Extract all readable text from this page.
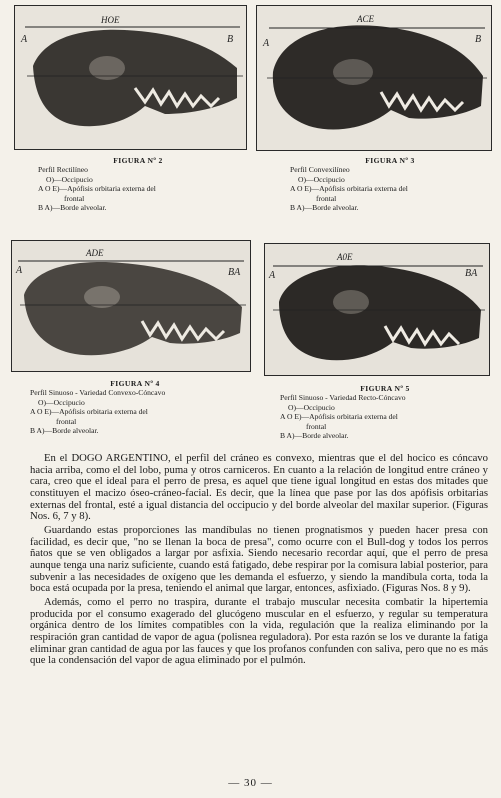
HOE
A	B
ACE
A	B
FIGURA Nº 2
Perfil Rectilíneo
O)—Occipucio
A O E)—Apófisis orbitaria externa del
frontal
B A)—Borde alveolar.
FIGURA Nº 3
Perfil Convexilíneo
O)—Occipucio
A O E)—Apófisis orbitaria externa del
frontal
B A)—Borde alveolar.
ADE
A	BA
A0E
A	BA
FIGURA Nº 4
Perfil Sinuoso - Variedad Convexo-Cóncavo
O)—Occipucio
A O E)—Apófisis orbitaria externa del
frontal
B A)—Borde alveolar.
FIGURA Nº 5
Perfil Sinuoso - Variedad Recto-Cóncavo
O)—Occipucio
A O E)—Apófisis orbitaria externa del
frontal
B A)—Borde alveolar.

En el DOGO ARGENTINO, el perfil del cráneo es convexo, mientras que el del hocico es cóncavo hacia arriba, como el del lobo, puma y otros carniceros. En cuanto a la relación de longitud entre cráneo y cara, creo que el ideal para el perro de presa, es aquel que tiene igual longitud en estas dos mitades que constituyen el macizo óseo-cráneo-facial. Es decir, que la línea que pase por las dos apófisis orbitarias externas del frontal, esté a igual distancia del occipucio y del borde alveolar del maxilar superior. (Figuras Nos. 6, 7 y 8).

Guardando estas proporciones las mandíbulas no tienen prognatismos y pueden hacer presa con facilidad, es decir que, "no se llenan la boca de presa", como ocurre con el Bull-dog y todos los perros ñatos que se ven obligados a largar por asfixia. Siendo necesario recordar aquí, que el perro de presa aunque tenga una nariz suficiente, cuando está fatigado, debe respirar por la comisura labial posterior, para subvenir a las necesidades de oxígeno que les demanda el esfuerzo, y siendo la mandíbula corta, toda la boca está ocupada por la presa, teniendo el animal que largar, entonces, asfixiado. (Figuras Nos. 8 y 9).

Además, como el perro no traspira, durante el trabajo muscular necesita combatir la hipertemia producida por el consumo exagerado del glucógeno muscular en el esfuerzo, y regular su temperatura orgánica dentro de los límites compatibles con la vida, regulación que la realiza eliminando por la respiración gran cantidad de vapor de agua (polisnea reguladora). Por esta razón se los ve durante la fatiga eliminar gran cantidad de agua por las fauces y que los profanos confunden con saliva, pero que no es más que la condensación del vapor de agua eliminado por el pulmón.

— 30 —
